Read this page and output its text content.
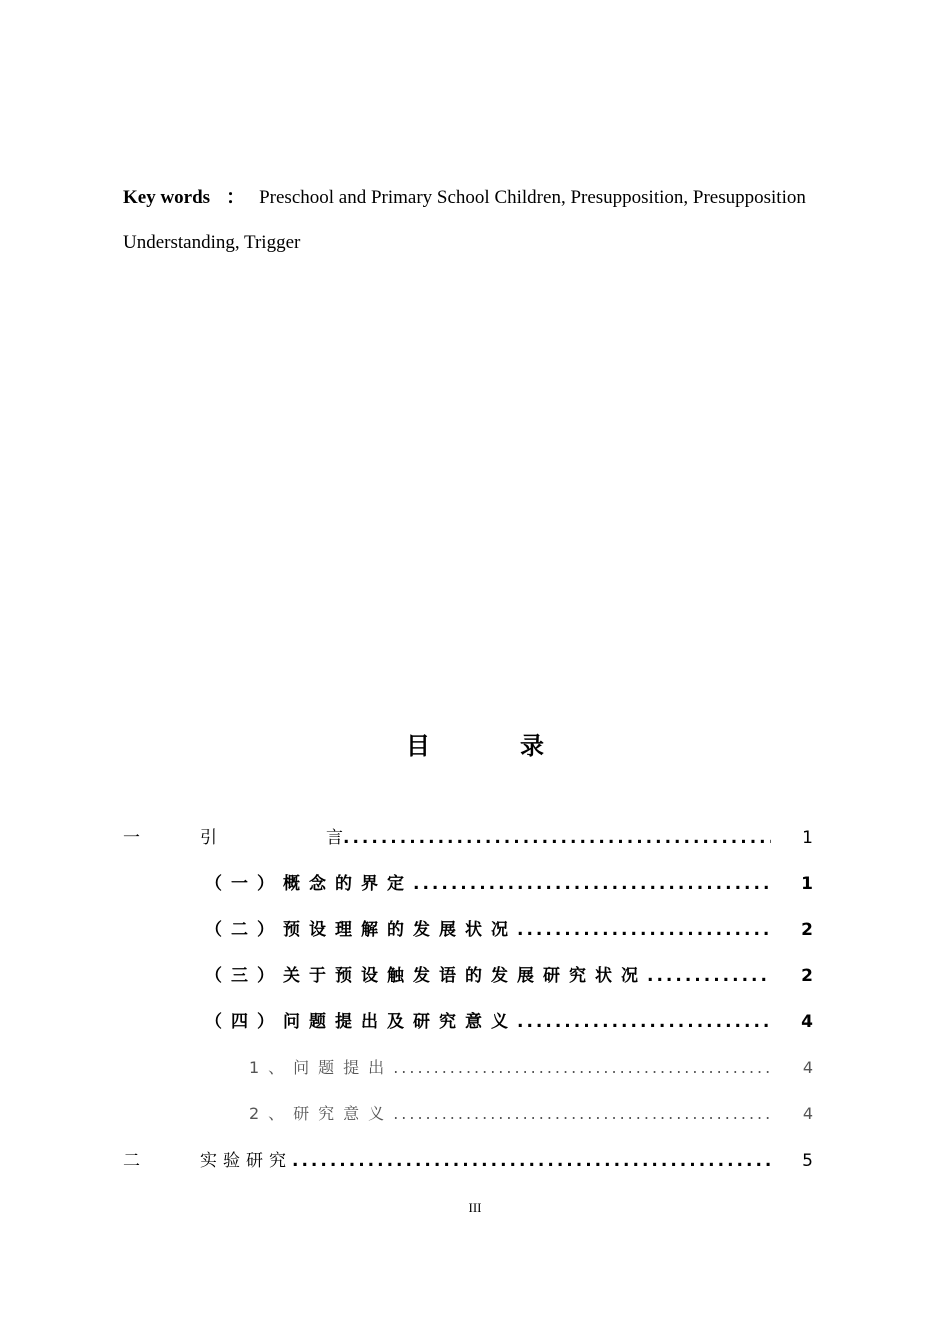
Key words ： Preschool and Primary School Children, Presupposition, Presupposition Understanding, Trigger
目	录
一	引	言 .....	1
（一）概念的界定 .....	1
（二）预设理解的发展状况 .....	2
（三）关于预设触发语的发展研究状况 .....	2
（四）问题提出及研究意义 .....	4
1、问题提出 .....	4
2、研究意义 .....	4
二	实验研究 .....	5
III
